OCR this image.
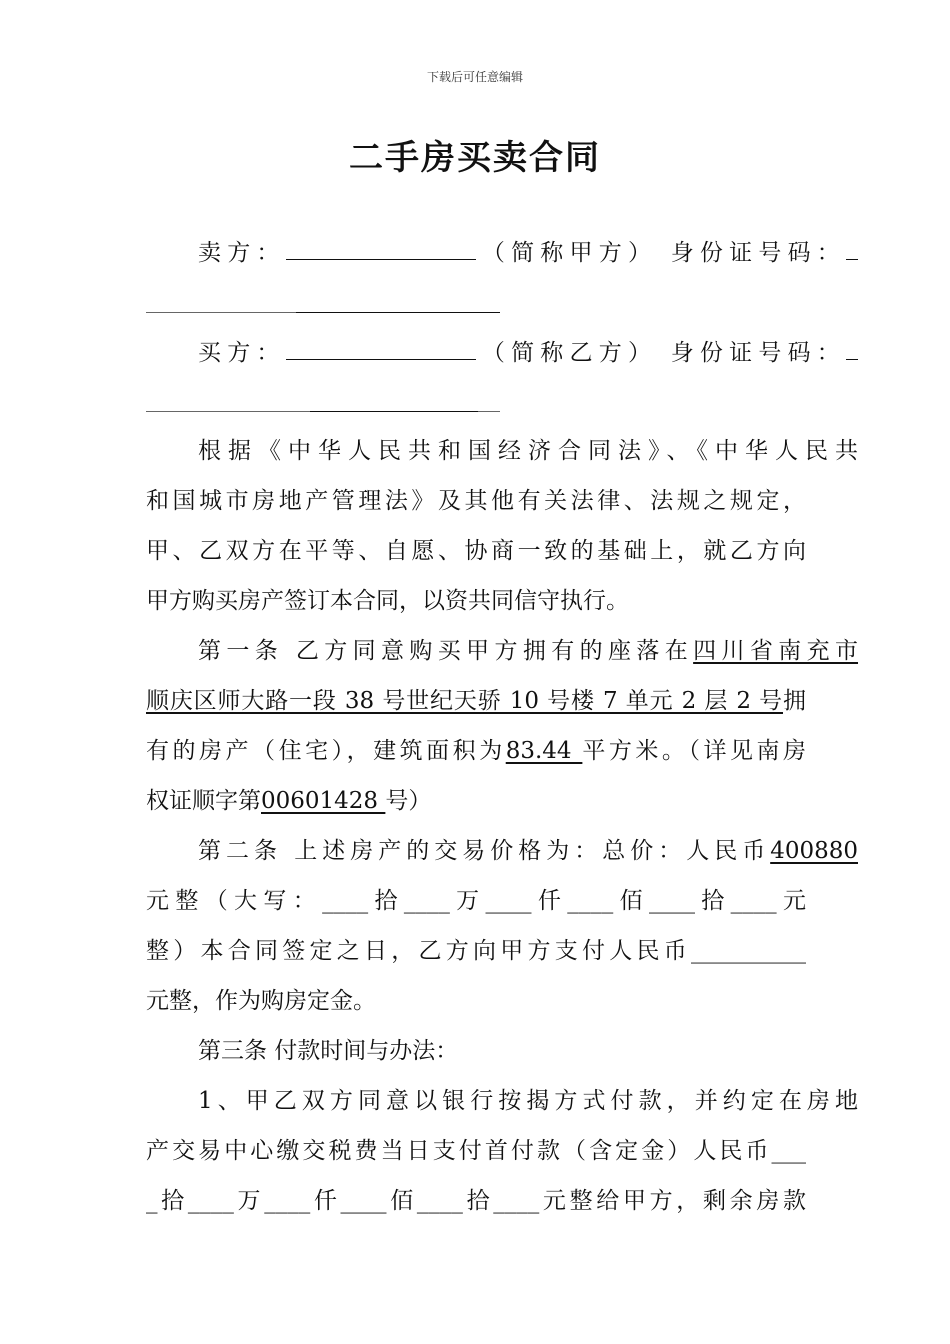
下载后可任意编辑
二手房买卖合同
卖方：	（简称甲方） 身份证号码：
买方：	（简称乙方） 身份证号码：
根据《中华人民共和国经济合同法》、《中华人民共
和国城市房地产管理法》及其他有关法律、法规之规定，
甲、乙双方在平等、自愿、协商一致的基础上，就乙方向
甲方购买房产签订本合同，以资共同信守执行。
第一条 乙方同意购买甲方拥有的座落在四川省南充市
顺庆区师大路一段 38 号世纪天骄 10 号楼 7 单元 2 层 2 号拥
有的房产（住宅），建筑面积为83.44 平方米。（详见南房
权证顺字第00601428 号）
第二条 上述房产的交易价格为：总价：人民币400880
元整（大写：____拾____万____仟____佰____拾____元
整）本合同签定之日，乙方向甲方支付人民币__________
元整，作为购房定金。
第三条 付款时间与办法：
1、甲乙双方同意以银行按揭方式付款，并约定在房地
产交易中心缴交税费当日支付首付款（含定金）人民币___
_拾____万____仟____佰____拾____元整给甲方，剩余房款
